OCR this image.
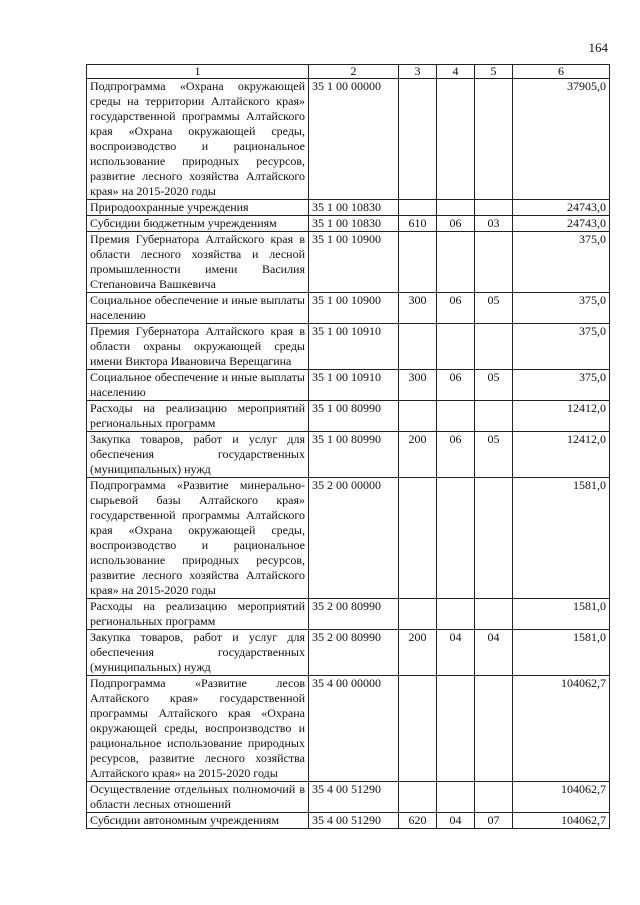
164
1	2	3	4	5	6
Подпрограмма «Охрана окружающей среды на территории Алтайского края» государственной программы Алтайского края «Охрана окружающей среды, воспроизводство и рациональное использование природных ресурсов, развитие лесного хозяйства Алтайского края» на 2015-2020 годы	35 1 00 00000				37905,0
Природоохранные учреждения	35 1 00 10830				24743,0
Субсидии бюджетным учреждениям	35 1 00 10830	610	06	03	24743,0
Премия Губернатора Алтайского края в области лесного хозяйства и лесной промышленности имени Василия Степановича Вашкевича	35 1 00 10900				375,0
Социальное обеспечение и иные выплаты населению	35 1 00 10900	300	06	05	375,0
Премия Губернатора Алтайского края в области охраны окружающей среды имени Виктора Ивановича Верещагина	35 1 00 10910				375,0
Социальное обеспечение и иные выплаты населению	35 1 00 10910	300	06	05	375,0
Расходы на реализацию мероприятий региональных программ	35 1 00 80990				12412,0
Закупка товаров, работ и услуг для обеспечения государственных (муниципальных) нужд	35 1 00 80990	200	06	05	12412,0
Подпрограмма «Развитие минерально-сырьевой базы Алтайского края» государственной программы Алтайского края «Охрана окружающей среды, воспроизводство и рациональное использование природных ресурсов, развитие лесного хозяйства Алтайского края» на 2015-2020 годы	35 2 00 00000				1581,0
Расходы на реализацию мероприятий региональных программ	35 2 00 80990				1581,0
Закупка товаров, работ и услуг для обеспечения государственных (муниципальных) нужд	35 2 00 80990	200	04	04	1581,0
Подпрограмма «Развитие лесов Алтайского края» государственной программы Алтайского края «Охрана окружающей среды, воспроизводство и рациональное использование природных ресурсов, развитие лесного хозяйства Алтайского края» на 2015-2020 годы	35 4 00 00000				104062,7
Осуществление отдельных полномочий в области лесных отношений	35 4 00 51290				104062,7
Субсидии автономным учреждениям	35 4 00 51290	620	04	07	104062,7
